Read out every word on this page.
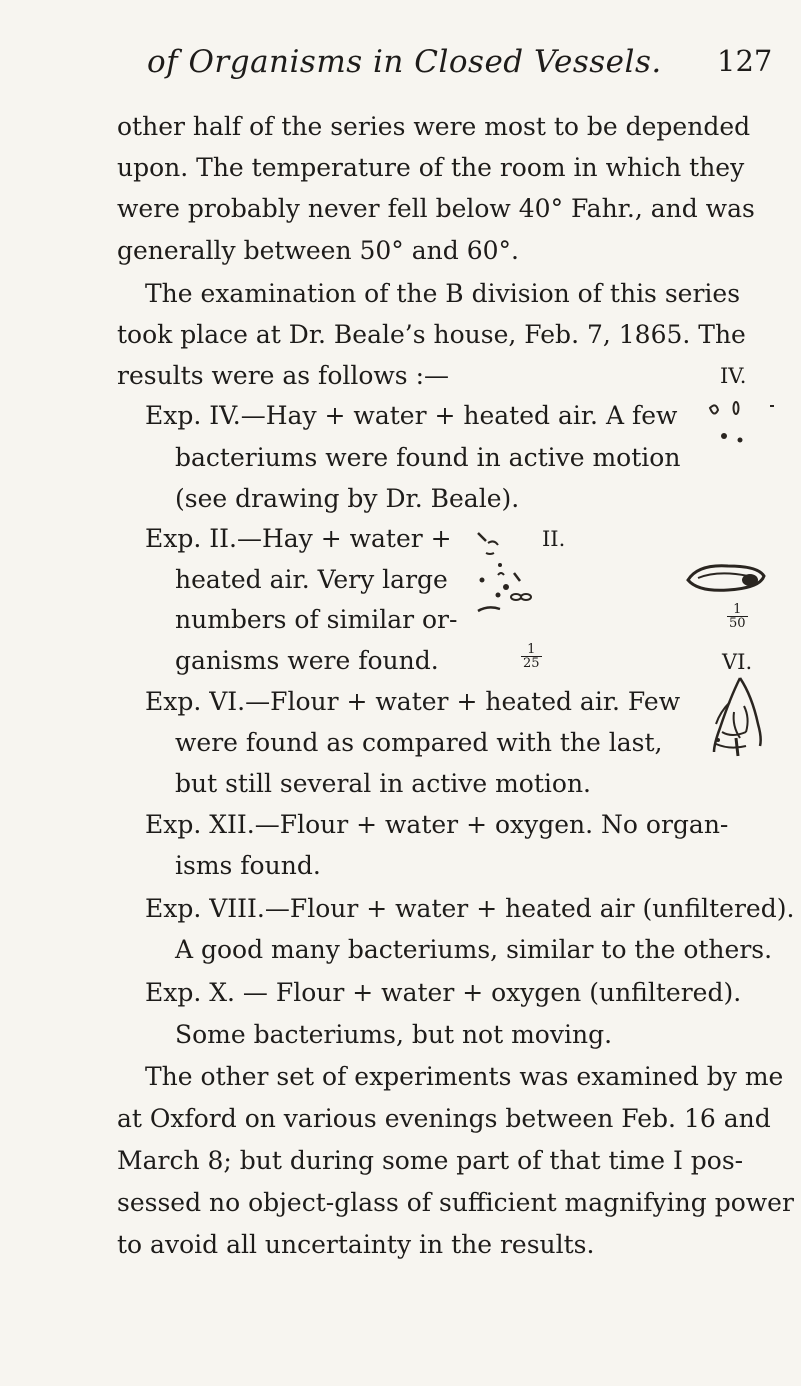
of Organisms in Closed Vessels. 127
other half of the series were most to be depended
upon. The temperature of the room in which they
were probably never fell below 40° Fahr., and was
generally between 50° and 60°.
The examination of the B division of this series
took place at Dr. Beale’s house, Feb. 7, 1865. The
results were as follows :—
Exp. IV.—Hay + water + heated air. A few
bacteriums were found in active motion
(see drawing by Dr. Beale).
Exp. II.—Hay + water +
heated air. Very large
numbers of similar or-
ganisms were found.
Exp. VI.—Flour + water + heated air. Few
were found as compared with the last,
but still several in active motion.
Exp. XII.—Flour + water + oxygen. No organ-
isms found.
Exp. VIII.—Flour + water + heated air (unfiltered).
A good many bacteriums, similar to the others.
Exp. X. — Flour + water + oxygen (unfiltered).
Some bacteriums, but not moving.
The other set of experiments was examined by me
at Oxford on various evenings between Feb. 16 and
March 8; but during some part of that time I pos-
sessed no object-glass of sufficient magnifying power
to avoid all uncertainty in the results.
IV.
II.
VI.
$\frac{1}{25}$
$\frac{1}{50}$
